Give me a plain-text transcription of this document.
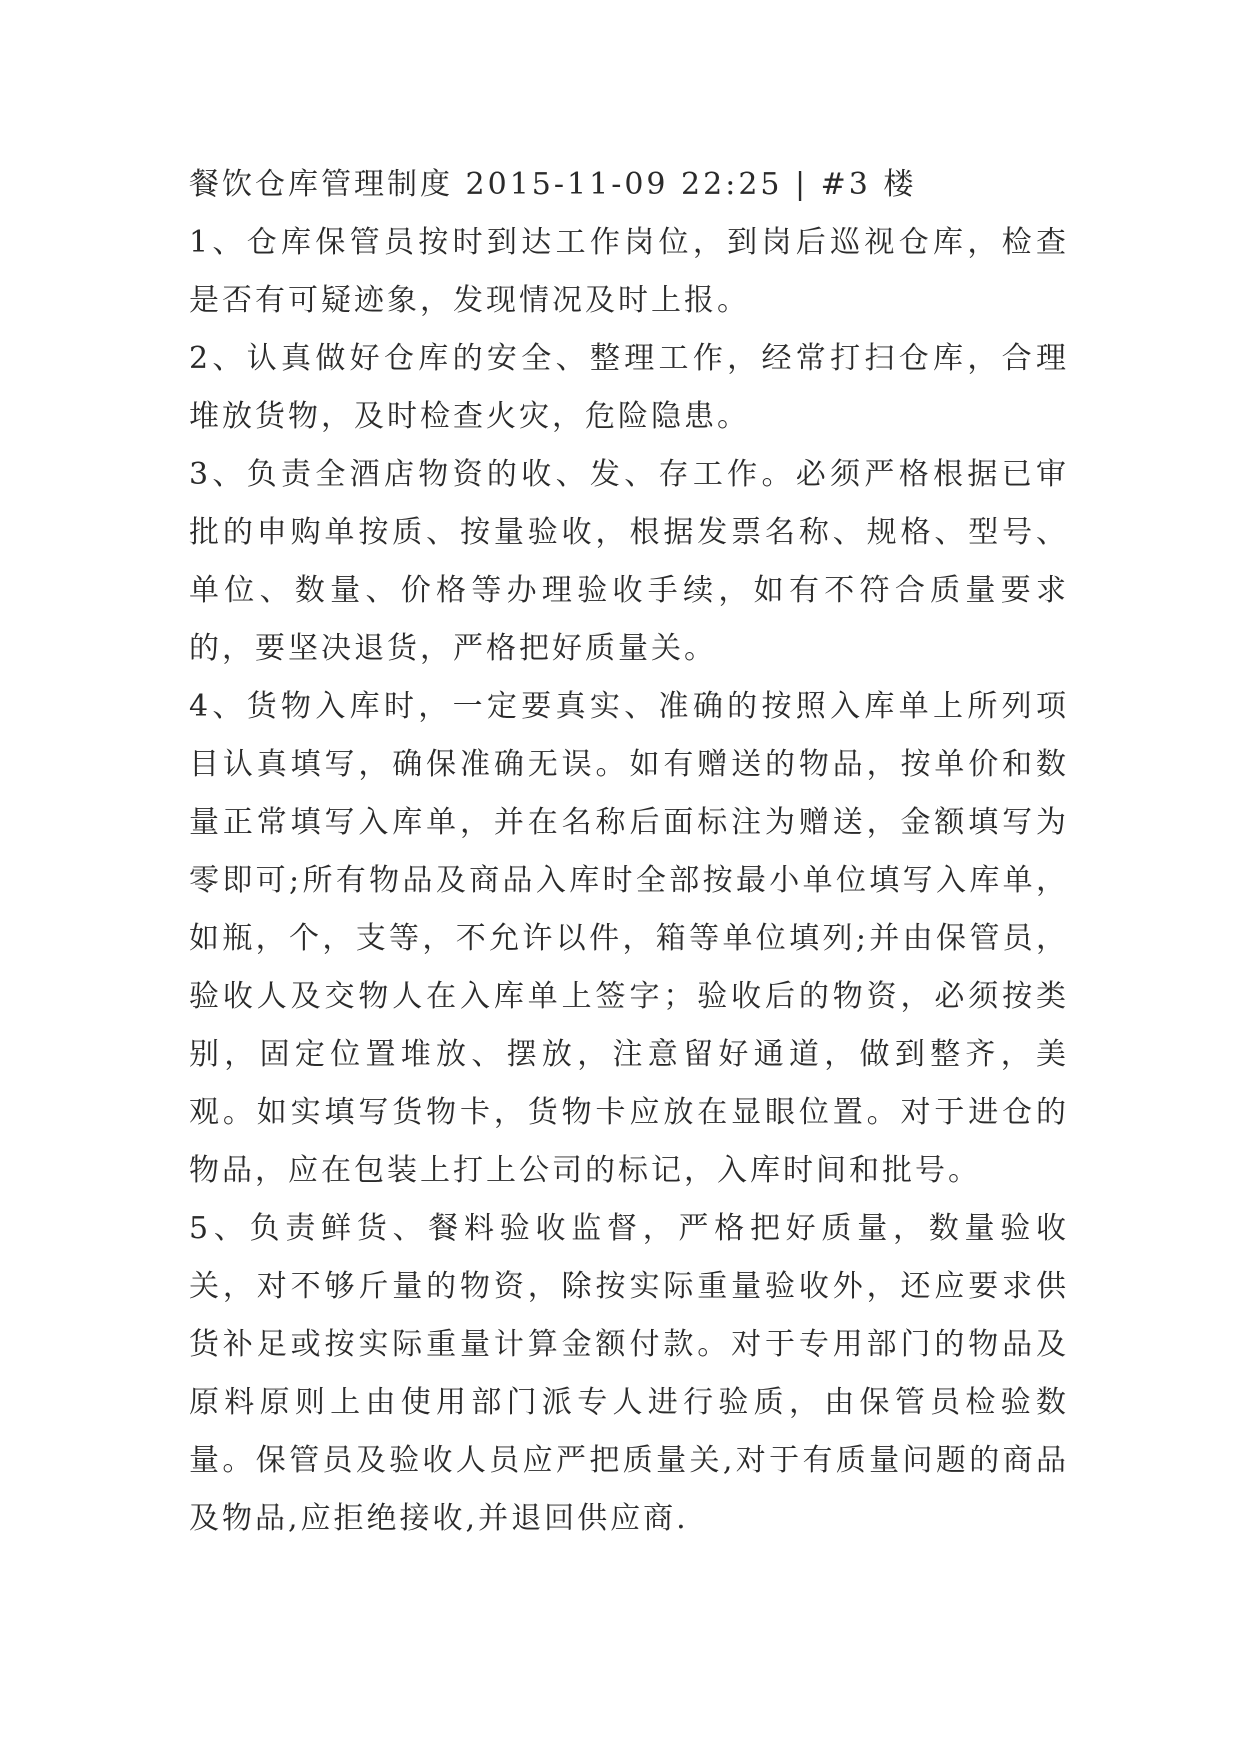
餐饮仓库管理制度 2015-11-09 22:25 | #3 楼

1、仓库保管员按时到达工作岗位，到岗后巡视仓库，检查是否有可疑迹象，发现情况及时上报。

2、认真做好仓库的安全、整理工作，经常打扫仓库，合理堆放货物，及时检查火灾，危险隐患。

3、负责全酒店物资的收、发、存工作。必须严格根据已审批的申购单按质、按量验收，根据发票名称、规格、型号、单位、数量、价格等办理验收手续，如有不符合质量要求的，要坚决退货，严格把好质量关。

4、货物入库时，一定要真实、准确的按照入库单上所列项目认真填写，确保准确无误。如有赠送的物品，按单价和数量正常填写入库单，并在名称后面标注为赠送，金额填写为零即可;所有物品及商品入库时全部按最小单位填写入库单，如瓶，个，支等，不允许以件，箱等单位填列;并由保管员，验收人及交物人在入库单上签字；验收后的物资，必须按类别，固定位置堆放、摆放，注意留好通道，做到整齐，美观。如实填写货物卡，货物卡应放在显眼位置。对于进仓的物品，应在包装上打上公司的标记，入库时间和批号。

5、负责鲜货、餐料验收监督，严格把好质量，数量验收关，对不够斤量的物资，除按实际重量验收外，还应要求供货补足或按实际重量计算金额付款。对于专用部门的物品及原料原则上由使用部门派专人进行验质，由保管员检验数量。保管员及验收人员应严把质量关,对于有质量问题的商品及物品,应拒绝接收,并退回供应商.
